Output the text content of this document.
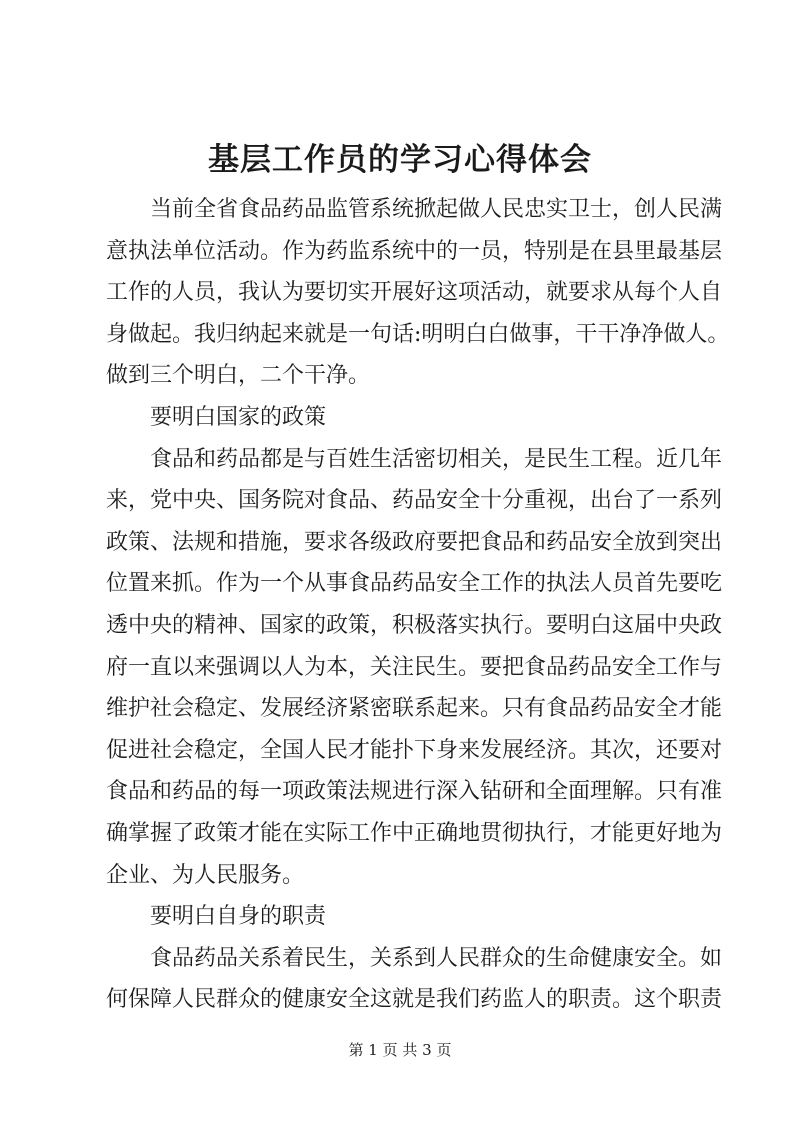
基层工作员的学习心得体会
当前全省食品药品监管系统掀起做人民忠实卫士，创人民满
意执法单位活动。作为药监系统中的一员，特别是在县里最基层
工作的人员，我认为要切实开展好这项活动，就要求从每个人自
身做起。我归纳起来就是一句话:明明白白做事，干干净净做人。
做到三个明白，二个干净。
要明白国家的政策
食品和药品都是与百姓生活密切相关，是民生工程。近几年
来，党中央、国务院对食品、药品安全十分重视，出台了一系列
政策、法规和措施，要求各级政府要把食品和药品安全放到突出
位置来抓。作为一个从事食品药品安全工作的执法人员首先要吃
透中央的精神、国家的政策，积极落实执行。要明白这届中央政
府一直以来强调以人为本，关注民生。要把食品药品安全工作与
维护社会稳定、发展经济紧密联系起来。只有食品药品安全才能
促进社会稳定，全国人民才能扑下身来发展经济。其次，还要对
食品和药品的每一项政策法规进行深入钻研和全面理解。只有准
确掌握了政策才能在实际工作中正确地贯彻执行，才能更好地为
企业、为人民服务。
要明白自身的职责
食品药品关系着民生，关系到人民群众的生命健康安全。如
何保障人民群众的健康安全这就是我们药监人的职责。这个职责
第 1 页 共 3 页
